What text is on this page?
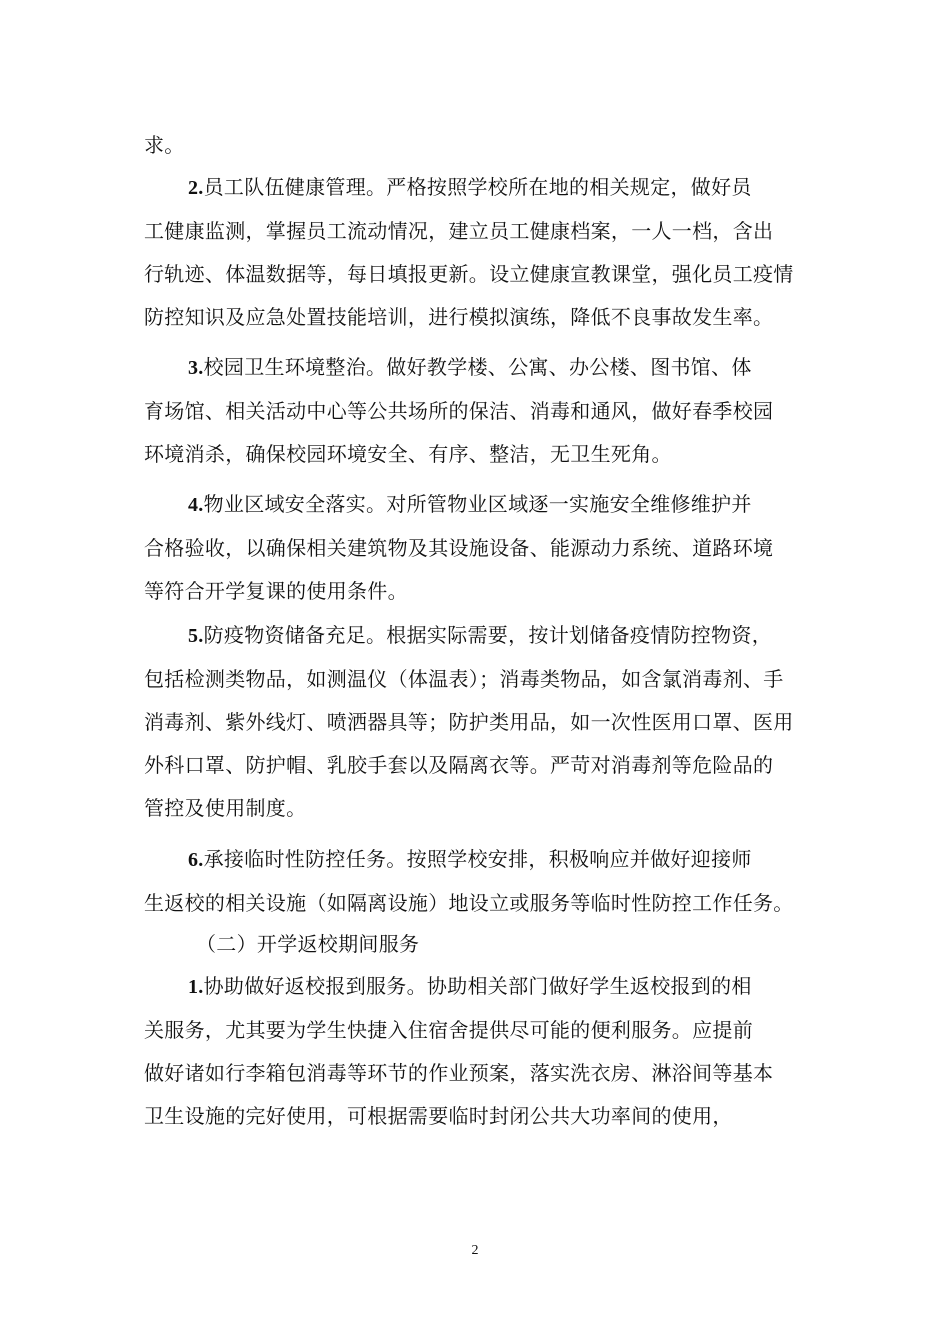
求。

2.员工队伍健康管理。严格按照学校所在地的相关规定，做好员
工健康监测，掌握员工流动情况，建立员工健康档案，一人一档，含出
行轨迹、体温数据等，每日填报更新。设立健康宣教课堂，强化员工疫情
防控知识及应急处置技能培训，进行模拟演练，降低不良事故发生率。

3.校园卫生环境整治。做好教学楼、公寓、办公楼、图书馆、体
育场馆、相关活动中心等公共场所的保洁、消毒和通风，做好春季校园
环境消杀，确保校园环境安全、有序、整洁，无卫生死角。

4.物业区域安全落实。对所管物业区域逐一实施安全维修维护并
合格验收，以确保相关建筑物及其设施设备、能源动力系统、道路环境
等符合开学复课的使用条件。

5.防疫物资储备充足。根据实际需要，按计划储备疫情防控物资，
包括检测类物品，如测温仪（体温表）；消毒类物品，如含氯消毒剂、手
消毒剂、紫外线灯、喷洒器具等；防护类用品，如一次性医用口罩、医用
外科口罩、防护帽、乳胶手套以及隔离衣等。严苛对消毒剂等危险品的
管控及使用制度。

6.承接临时性防控任务。按照学校安排，积极响应并做好迎接师
生返校的相关设施（如隔离设施）地设立或服务等临时性防控工作任务。

（二）开学返校期间服务

1.协助做好返校报到服务。协助相关部门做好学生返校报到的相
关服务，尤其要为学生快捷入住宿舍提供尽可能的便利服务。应提前
做好诸如行李箱包消毒等环节的作业预案，落实洗衣房、淋浴间等基本
卫生设施的完好使用，可根据需要临时封闭公共大功率间的使用，

2
